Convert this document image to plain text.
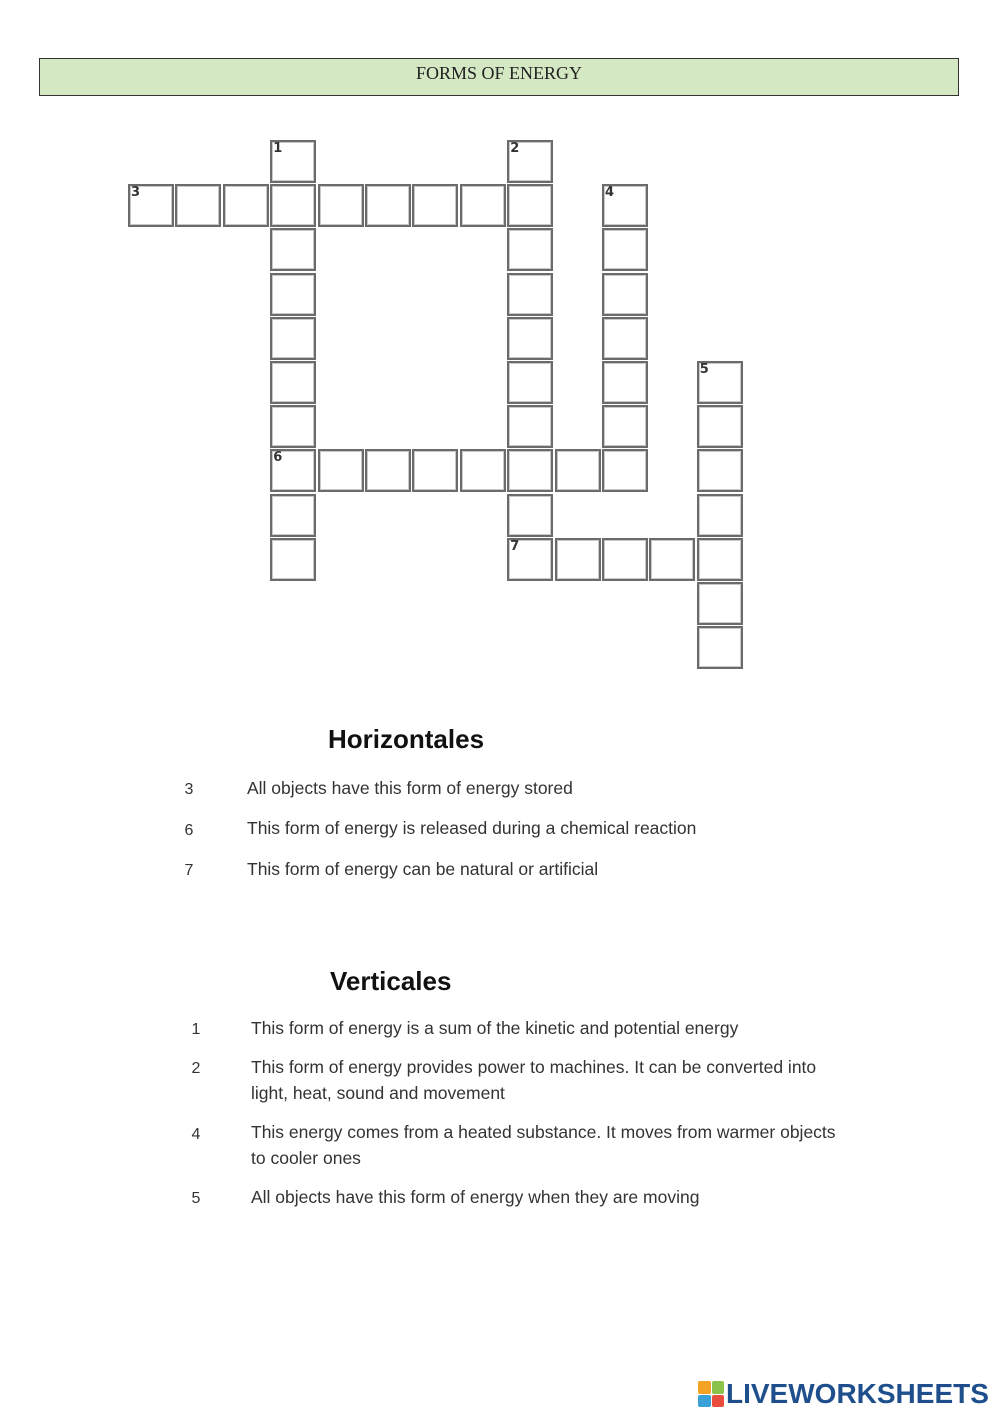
FORMS OF ENERGY
1
6
2
7
3	4
5
Horizontales
3	All objects have this form of energy stored
6	This form of energy is released during a chemical reaction
7	This form of energy can be natural or artificial
Verticales
1	This form of energy is a sum of the kinetic and potential energy
2	This form of energy provides power to machines. It can be converted into
light, heat, sound and movement
4	This energy comes from a heated substance. It moves from warmer objects
to cooler ones
5	All objects have this form of energy when they are moving
LIVEWORKSHEETS
